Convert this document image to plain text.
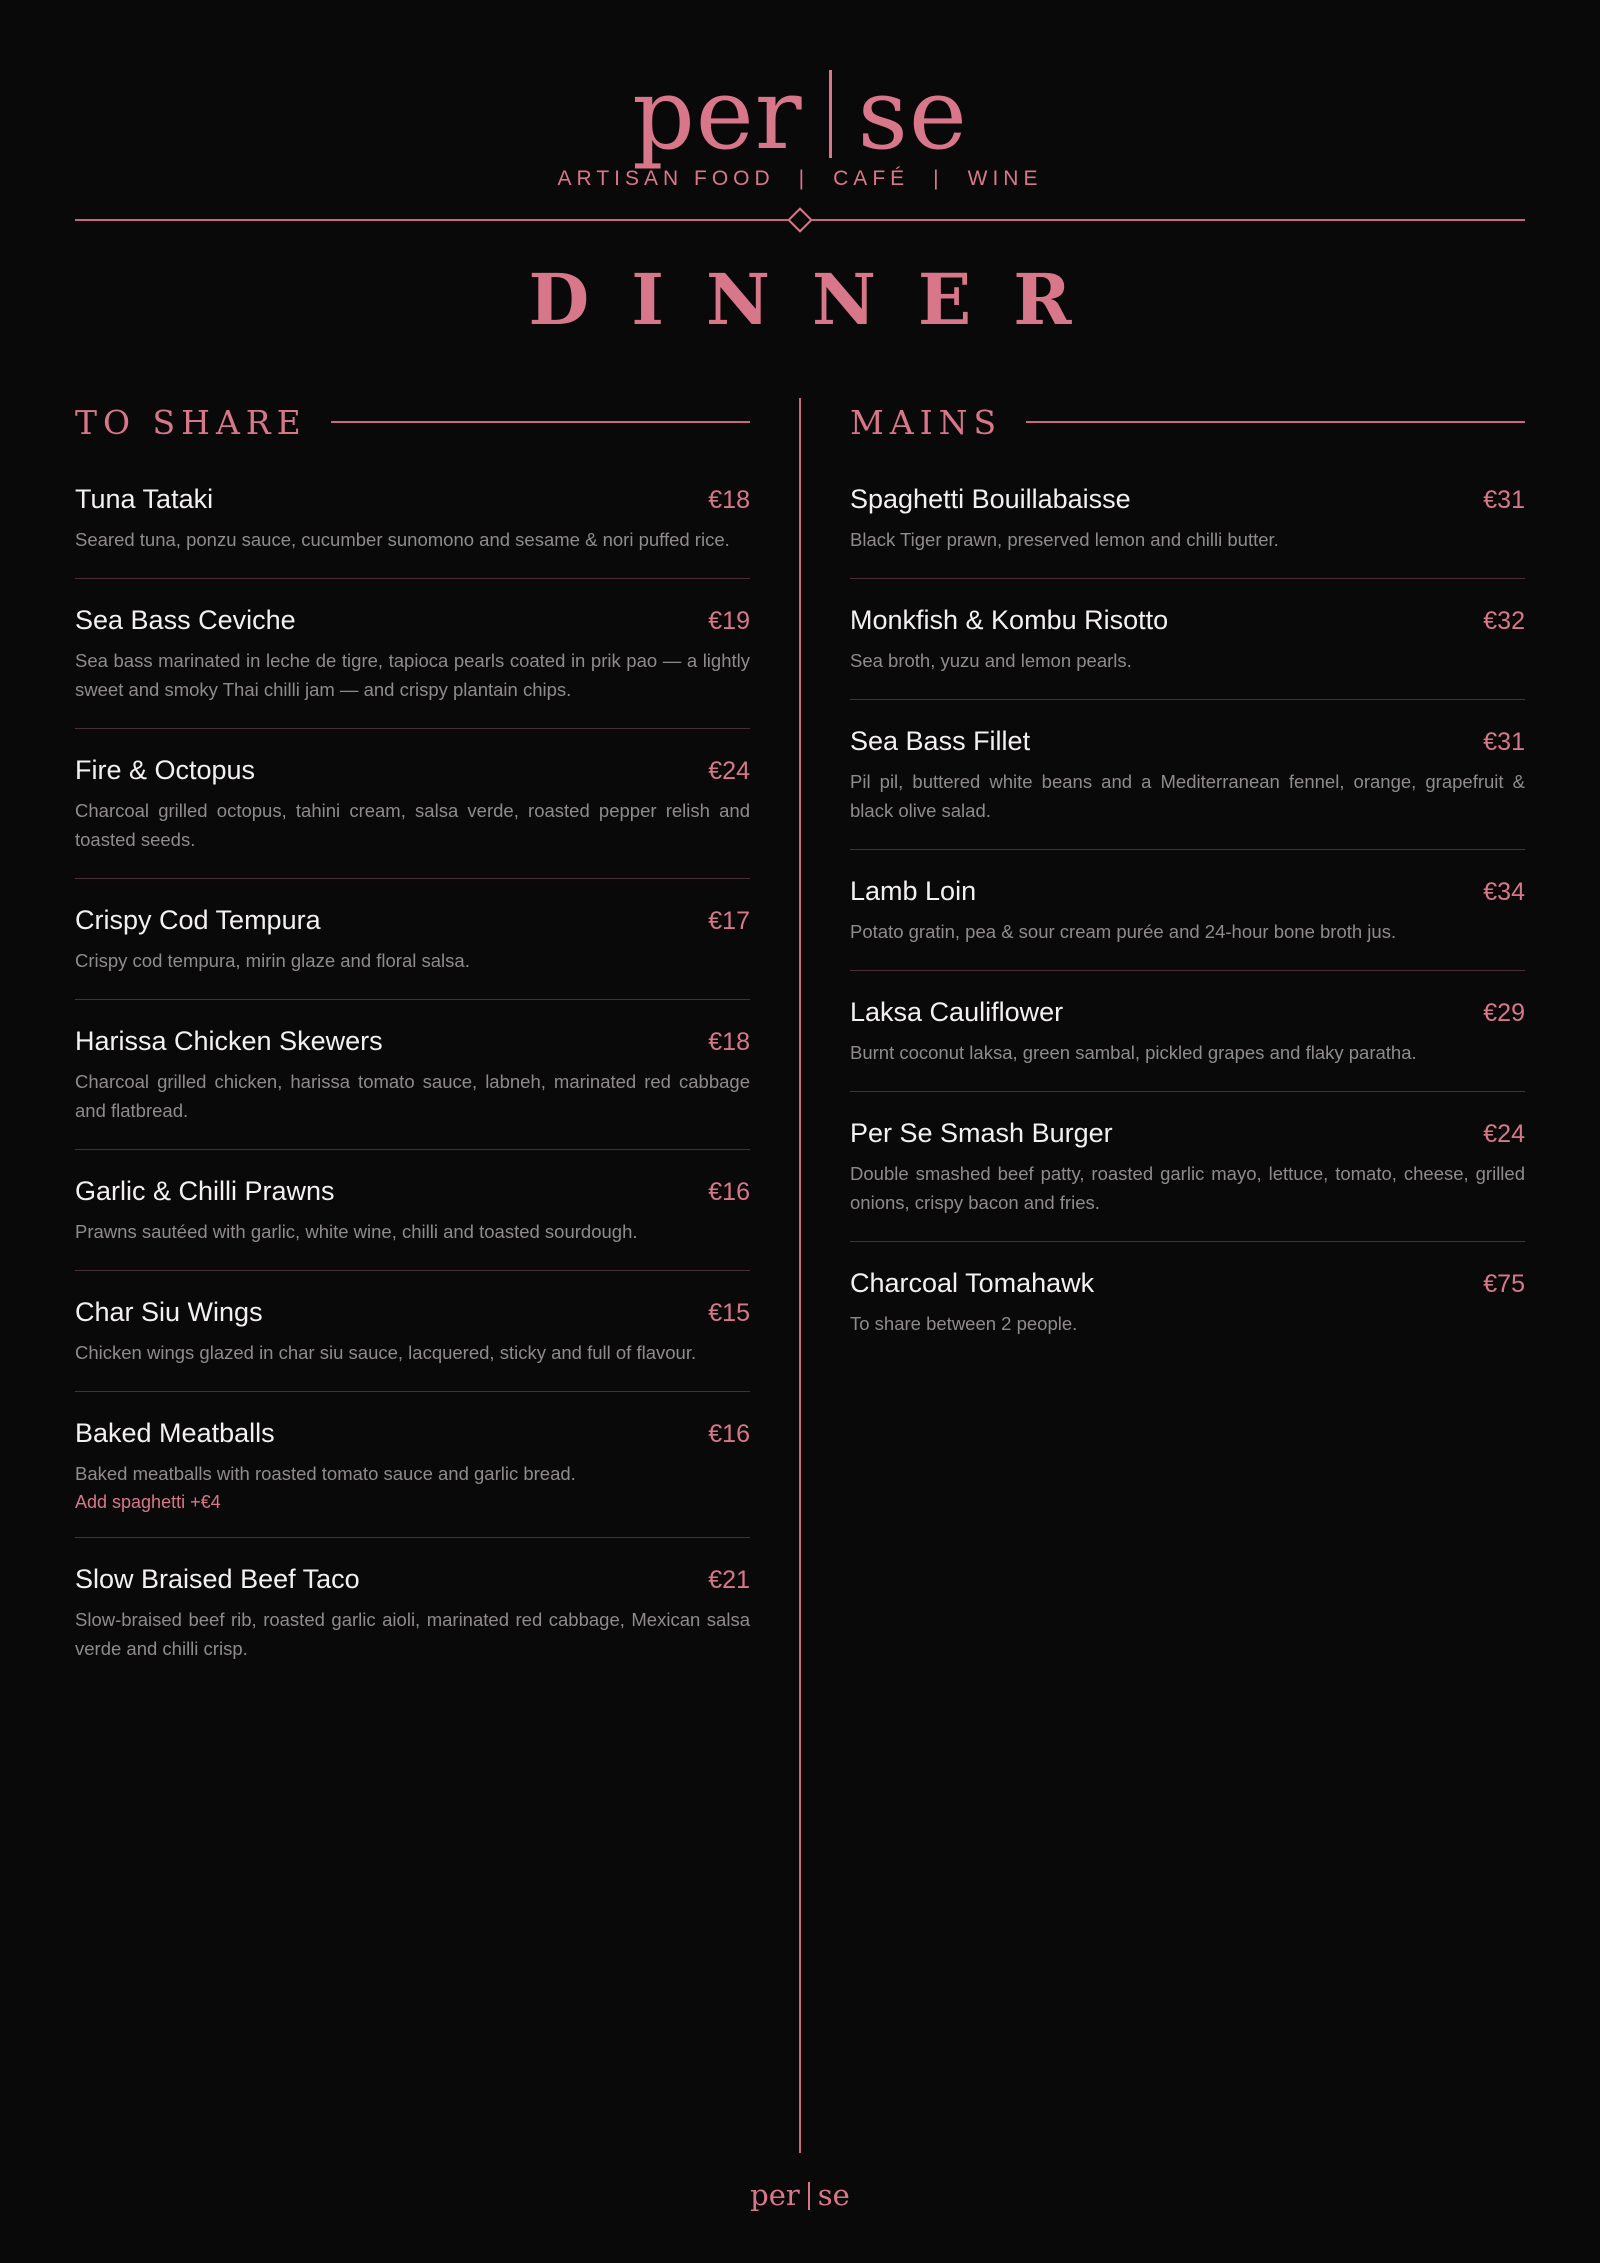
per se
ARTISAN FOOD | CAFÉ | WINE
DINNER
TO SHARE
Tuna Tataki	€18
Seared tuna, ponzu sauce, cucumber sunomono and sesame & nori puffed rice.
Sea Bass Ceviche	€19
Sea bass marinated in leche de tigre, tapioca pearls coated in prik pao — a lightly sweet and smoky Thai chilli jam — and crispy plantain chips.
Fire & Octopus	€24
Charcoal grilled octopus, tahini cream, salsa verde, roasted pepper relish and toasted seeds.
Crispy Cod Tempura	€17
Crispy cod tempura, mirin glaze and floral salsa.
Harissa Chicken Skewers	€18
Charcoal grilled chicken, harissa tomato sauce, labneh, marinated red cabbage and flatbread.
Garlic & Chilli Prawns	€16
Prawns sautéed with garlic, white wine, chilli and toasted sourdough.
Char Siu Wings	€15
Chicken wings glazed in char siu sauce, lacquered, sticky and full of flavour.
Baked Meatballs	€16
Baked meatballs with roasted tomato sauce and garlic bread.
Add spaghetti +€4
Slow Braised Beef Taco	€21
Slow-braised beef rib, roasted garlic aioli, marinated red cabbage, Mexican salsa verde and chilli crisp.
MAINS
Spaghetti Bouillabaisse	€31
Black Tiger prawn, preserved lemon and chilli butter.
Monkfish & Kombu Risotto	€32
Sea broth, yuzu and lemon pearls.
Sea Bass Fillet	€31
Pil pil, buttered white beans and a Mediterranean fennel, orange, grapefruit & black olive salad.
Lamb Loin	€34
Potato gratin, pea & sour cream purée and 24-hour bone broth jus.
Laksa Cauliflower	€29
Burnt coconut laksa, green sambal, pickled grapes and flaky paratha.
Per Se Smash Burger	€24
Double smashed beef patty, roasted garlic mayo, lettuce, tomato, cheese, grilled onions, crispy bacon and fries.
Charcoal Tomahawk	€75
To share between 2 people.
per se
